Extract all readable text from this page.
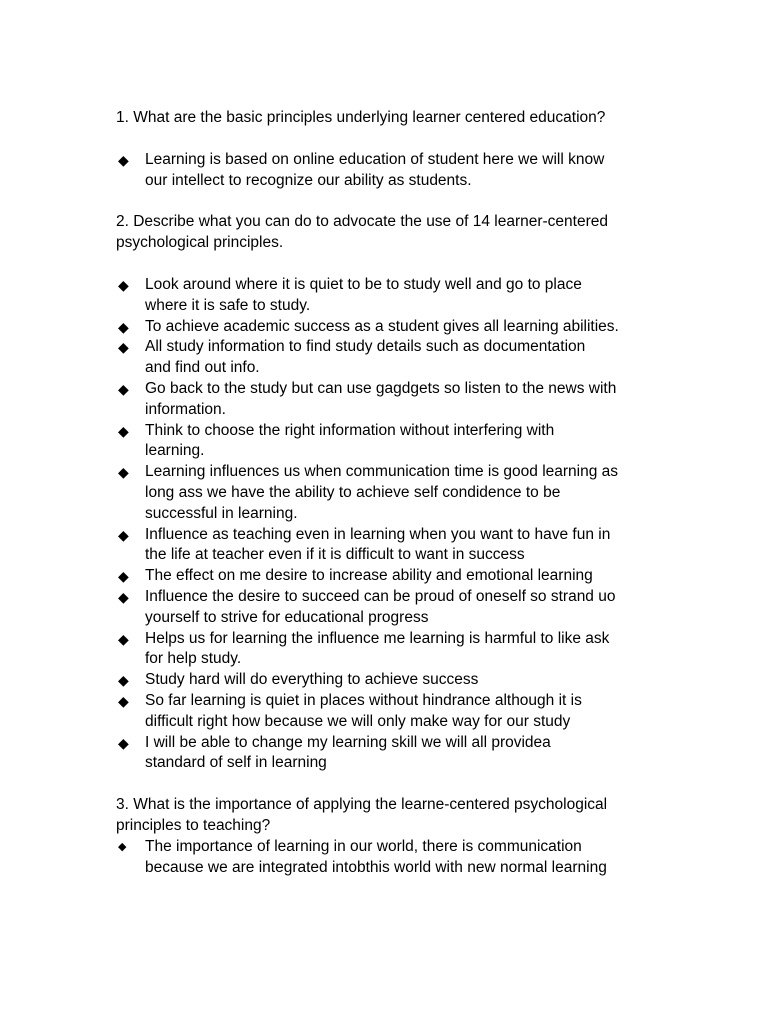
1. What are the basic principles underlying learner centered education?

◆ Learning is based on online education of student here we will know
our intellect to recognize our ability as students.
2. Describe what you can do to advocate the use of 14 learner-centered
psychological principles.
◆ Look around where it is quiet to be to study well and go to place
where it is safe to study.
◆ To achieve academic success as a student gives all learning abilities.
◆ All study information to find study details such as documentation
and find out info.
◆ Go back to the study but can use gagdgets so listen to the news with
information.
◆ Think to choose the right information without interfering with
learning.
◆ Learning influences us when communication time is good learning as
long ass we have the ability to achieve self condidence to be
successful in learning.
◆ Influence as teaching even in learning when you want to have fun in
the life at teacher even if it is difficult to want in success
◆ The effect on me desire to increase ability and emotional learning
◆ Influence the desire to succeed can be proud of oneself so strand uo
yourself to strive for educational progress
◆ Helps us for learning the influence me learning is harmful to like ask
for help study.
◆ Study hard will do everything to achieve success
◆ So far learning is quiet in places without hindrance although it is
difficult right how because we will only make way for our study
◆ I will be able to change my learning skill we will all providea
standard of self in learning
3. What is the importance of applying the learne-centered psychological
principles to teaching?
◆ The importance of learning in our world, there is communication
because we are integrated intobthis world with new normal learning
